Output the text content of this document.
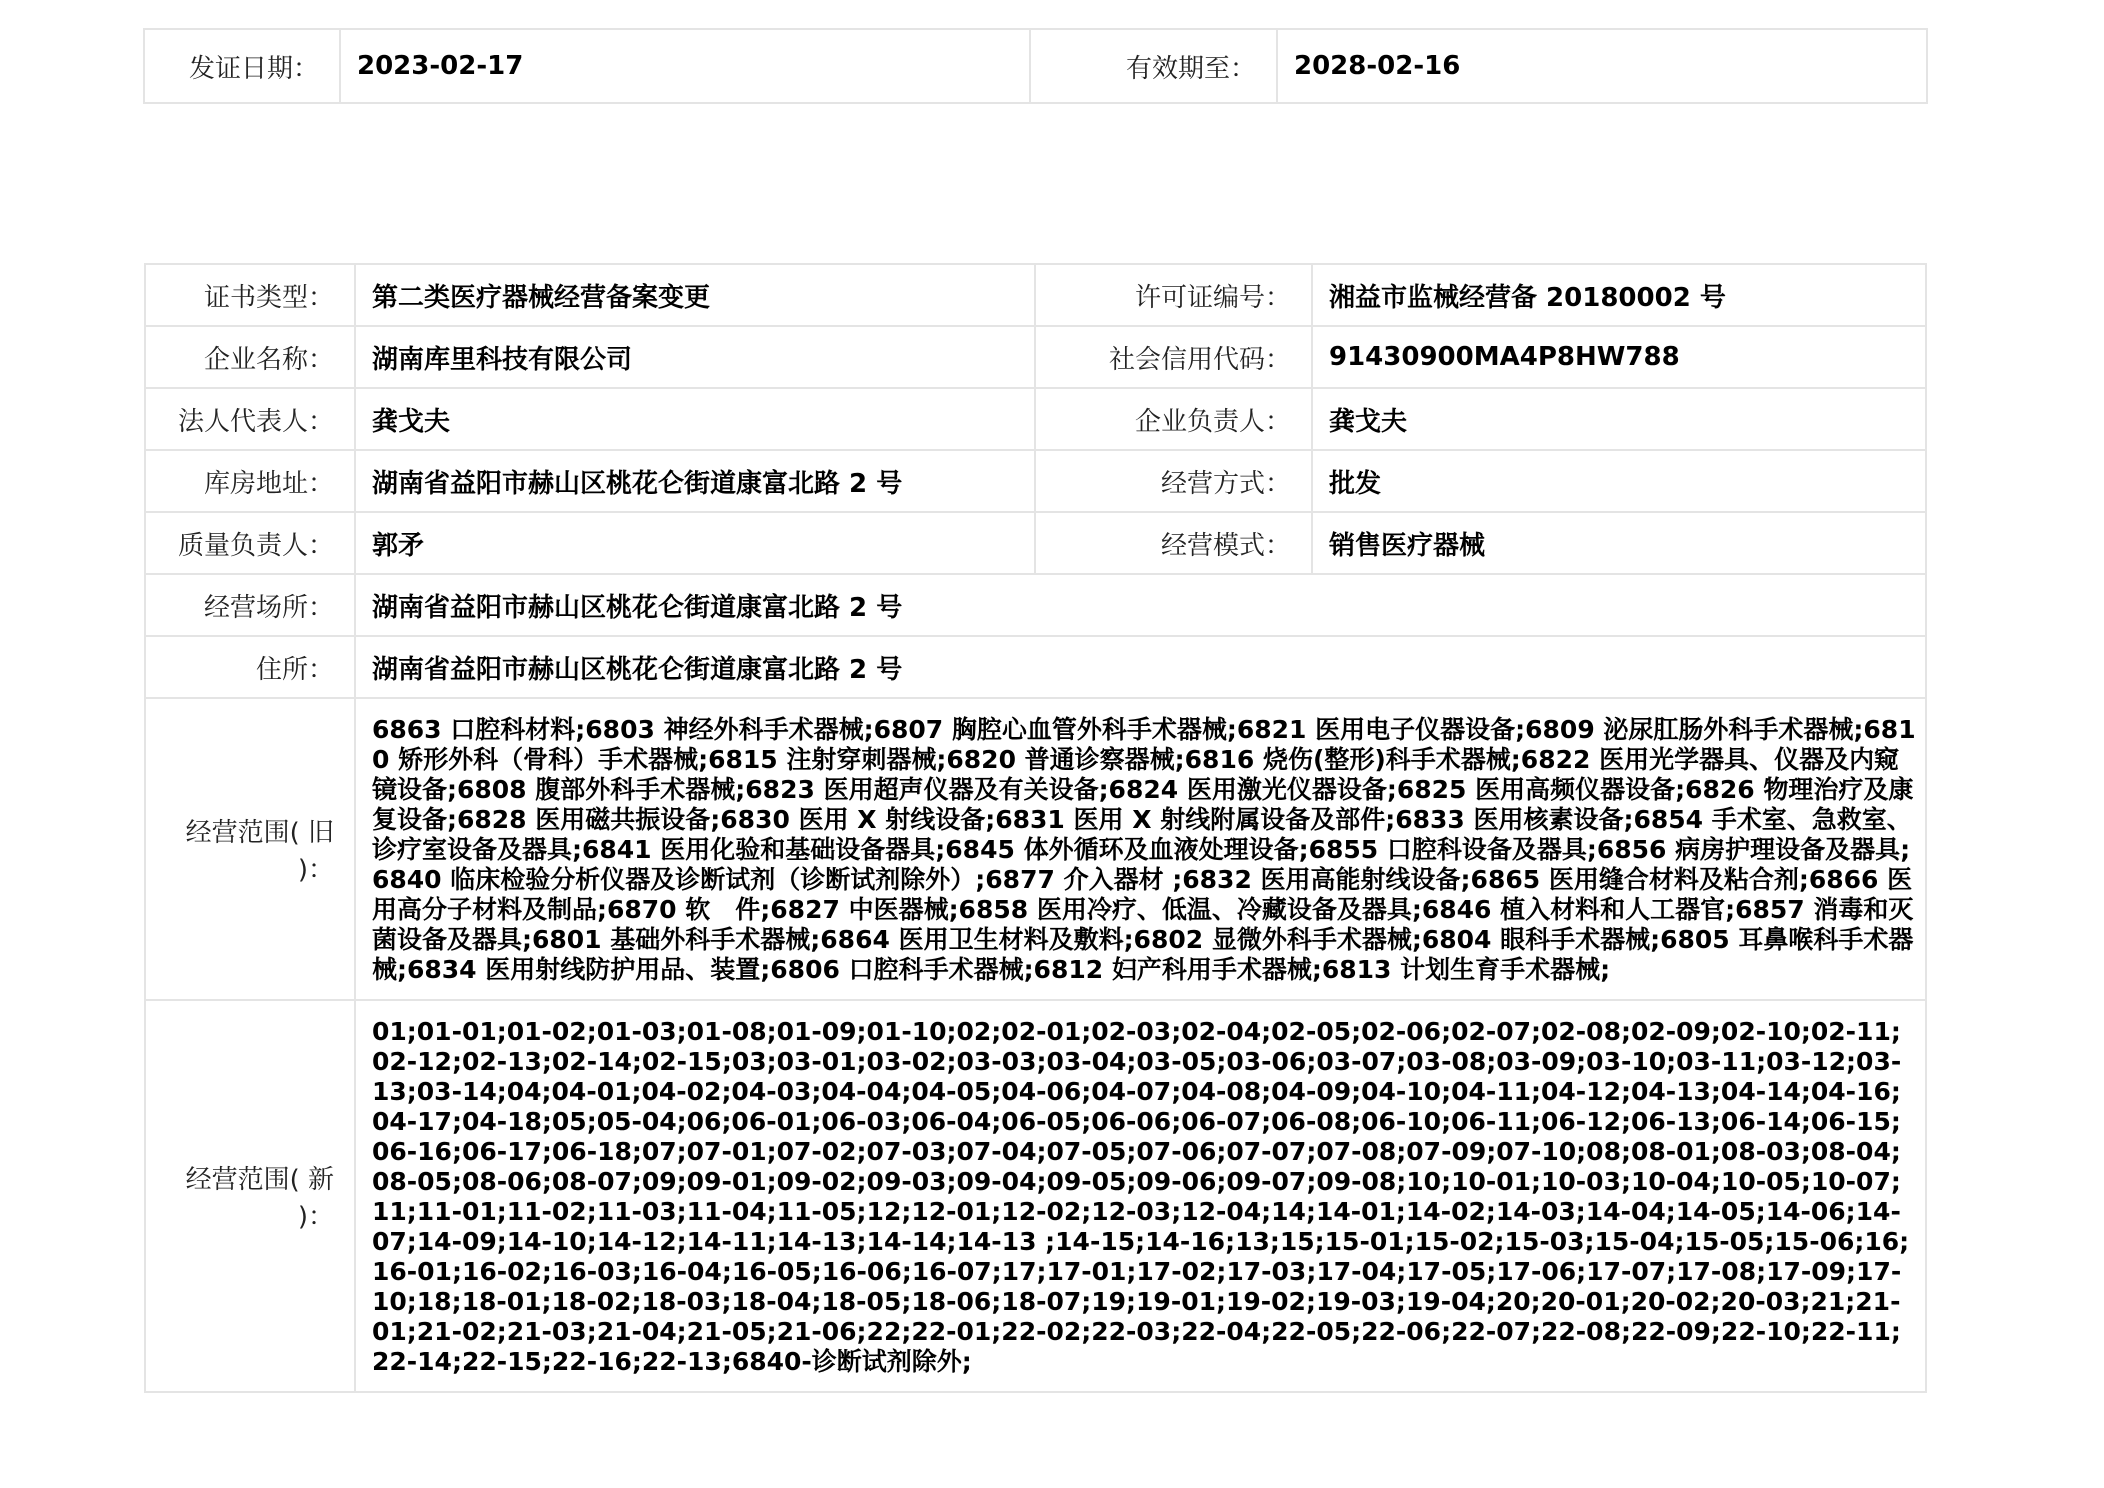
发证日期：	2023-02-17	有效期至：	2028-02-16
证书类型：	第二类医疗器械经营备案变更	许可证编号：	湘益市监械经营备 20180002 号
企业名称：	湖南库里科技有限公司	社会信用代码：	91430900MA4P8HW788
法人代表人：	龚戈夫	企业负责人：	龚戈夫
库房地址：	湖南省益阳市赫山区桃花仑街道康富北路 2 号	经营方式：	批发
质量负责人：	郭矛	经营模式：	销售医疗器械
经营场所：	湖南省益阳市赫山区桃花仑街道康富北路 2 号		
住所：	湖南省益阳市赫山区桃花仑街道康富北路 2 号		
经营范围( 旧 )：	6863 口腔科材料;6803 神经外科手术器械;6807 胸腔心血管外科手术器械;6821 医用电子仪器设备;6809 泌尿肛肠外科手术器械;6810 矫形外科（骨科）手术器械;6815 注射穿刺器械;6820 普通诊察器械;6816 烧伤(整形)科手术器械;6822 医用光学器具、仪器及内窥镜设备;6808 腹部外科手术器械;6823 医用超声仪器及有关设备;6824 医用激光仪器设备;6825 医用高频仪器设备;6826 物理治疗及康复设备;6828 医用磁共振设备;6830 医用 X 射线设备;6831 医用 X 射线附属设备及部件;6833 医用核素设备;6854 手术室、急救室、诊疗室设备及器具;6841 医用化验和基础设备器具;6845 体外循环及血液处理设备;6855 口腔科设备及器具;6856 病房护理设备及器具;6840 临床检验分析仪器及诊断试剂（诊断试剂除外）;6877 介入器材 ;6832 医用高能射线设备;6865 医用缝合材料及粘合剂;6866 医用高分子材料及制品;6870 软　件;6827 中医器械;6858 医用冷疗、低温、冷藏设备及器具;6846 植入材料和人工器官;6857 消毒和灭菌设备及器具;6801 基础外科手术器械;6864 医用卫生材料及敷料;6802 显微外科手术器械;6804 眼科手术器械;6805 耳鼻喉科手术器械;6834 医用射线防护用品、装置;6806 口腔科手术器械;6812 妇产科用手术器械;6813 计划生育手术器械;		
经营范围( 新 )：	01;01-01;01-02;01-03;01-08;01-09;01-10;02;02-01;02-03;02-04;02-05;02-06;02-07;02-08;02-09;02-10;02-11;02-12;02-13;02-14;02-15;03;03-01;03-02;03-03;03-04;03-05;03-06;03-07;03-08;03-09;03-10;03-11;03-12;03-13;03-14;04;04-01;04-02;04-03;04-04;04-05;04-06;04-07;04-08;04-09;04-10;04-11;04-12;04-13;04-14;04-16;04-17;04-18;05;05-04;06;06-01;06-03;06-04;06-05;06-06;06-07;06-08;06-10;06-11;06-12;06-13;06-14;06-15;06-16;06-17;06-18;07;07-01;07-02;07-03;07-04;07-05;07-06;07-07;07-08;07-09;07-10;08;08-01;08-03;08-04;08-05;08-06;08-07;09;09-01;09-02;09-03;09-04;09-05;09-06;09-07;09-08;10;10-01;10-03;10-04;10-05;10-07;11;11-01;11-02;11-03;11-04;11-05;12;12-01;12-02;12-03;12-04;14;14-01;14-02;14-03;14-04;14-05;14-06;14-07;14-09;14-10;14-12;14-11;14-13;14-14;14-13 ;14-15;14-16;13;15;15-01;15-02;15-03;15-04;15-05;15-06;16;16-01;16-02;16-03;16-04;16-05;16-06;16-07;17;17-01;17-02;17-03;17-04;17-05;17-06;17-07;17-08;17-09;17-10;18;18-01;18-02;18-03;18-04;18-05;18-06;18-07;19;19-01;19-02;19-03;19-04;20;20-01;20-02;20-03;21;21-01;21-02;21-03;21-04;21-05;21-06;22;22-01;22-02;22-03;22-04;22-05;22-06;22-07;22-08;22-09;22-10;22-11;22-14;22-15;22-16;22-13;6840-诊断试剂除外;		
